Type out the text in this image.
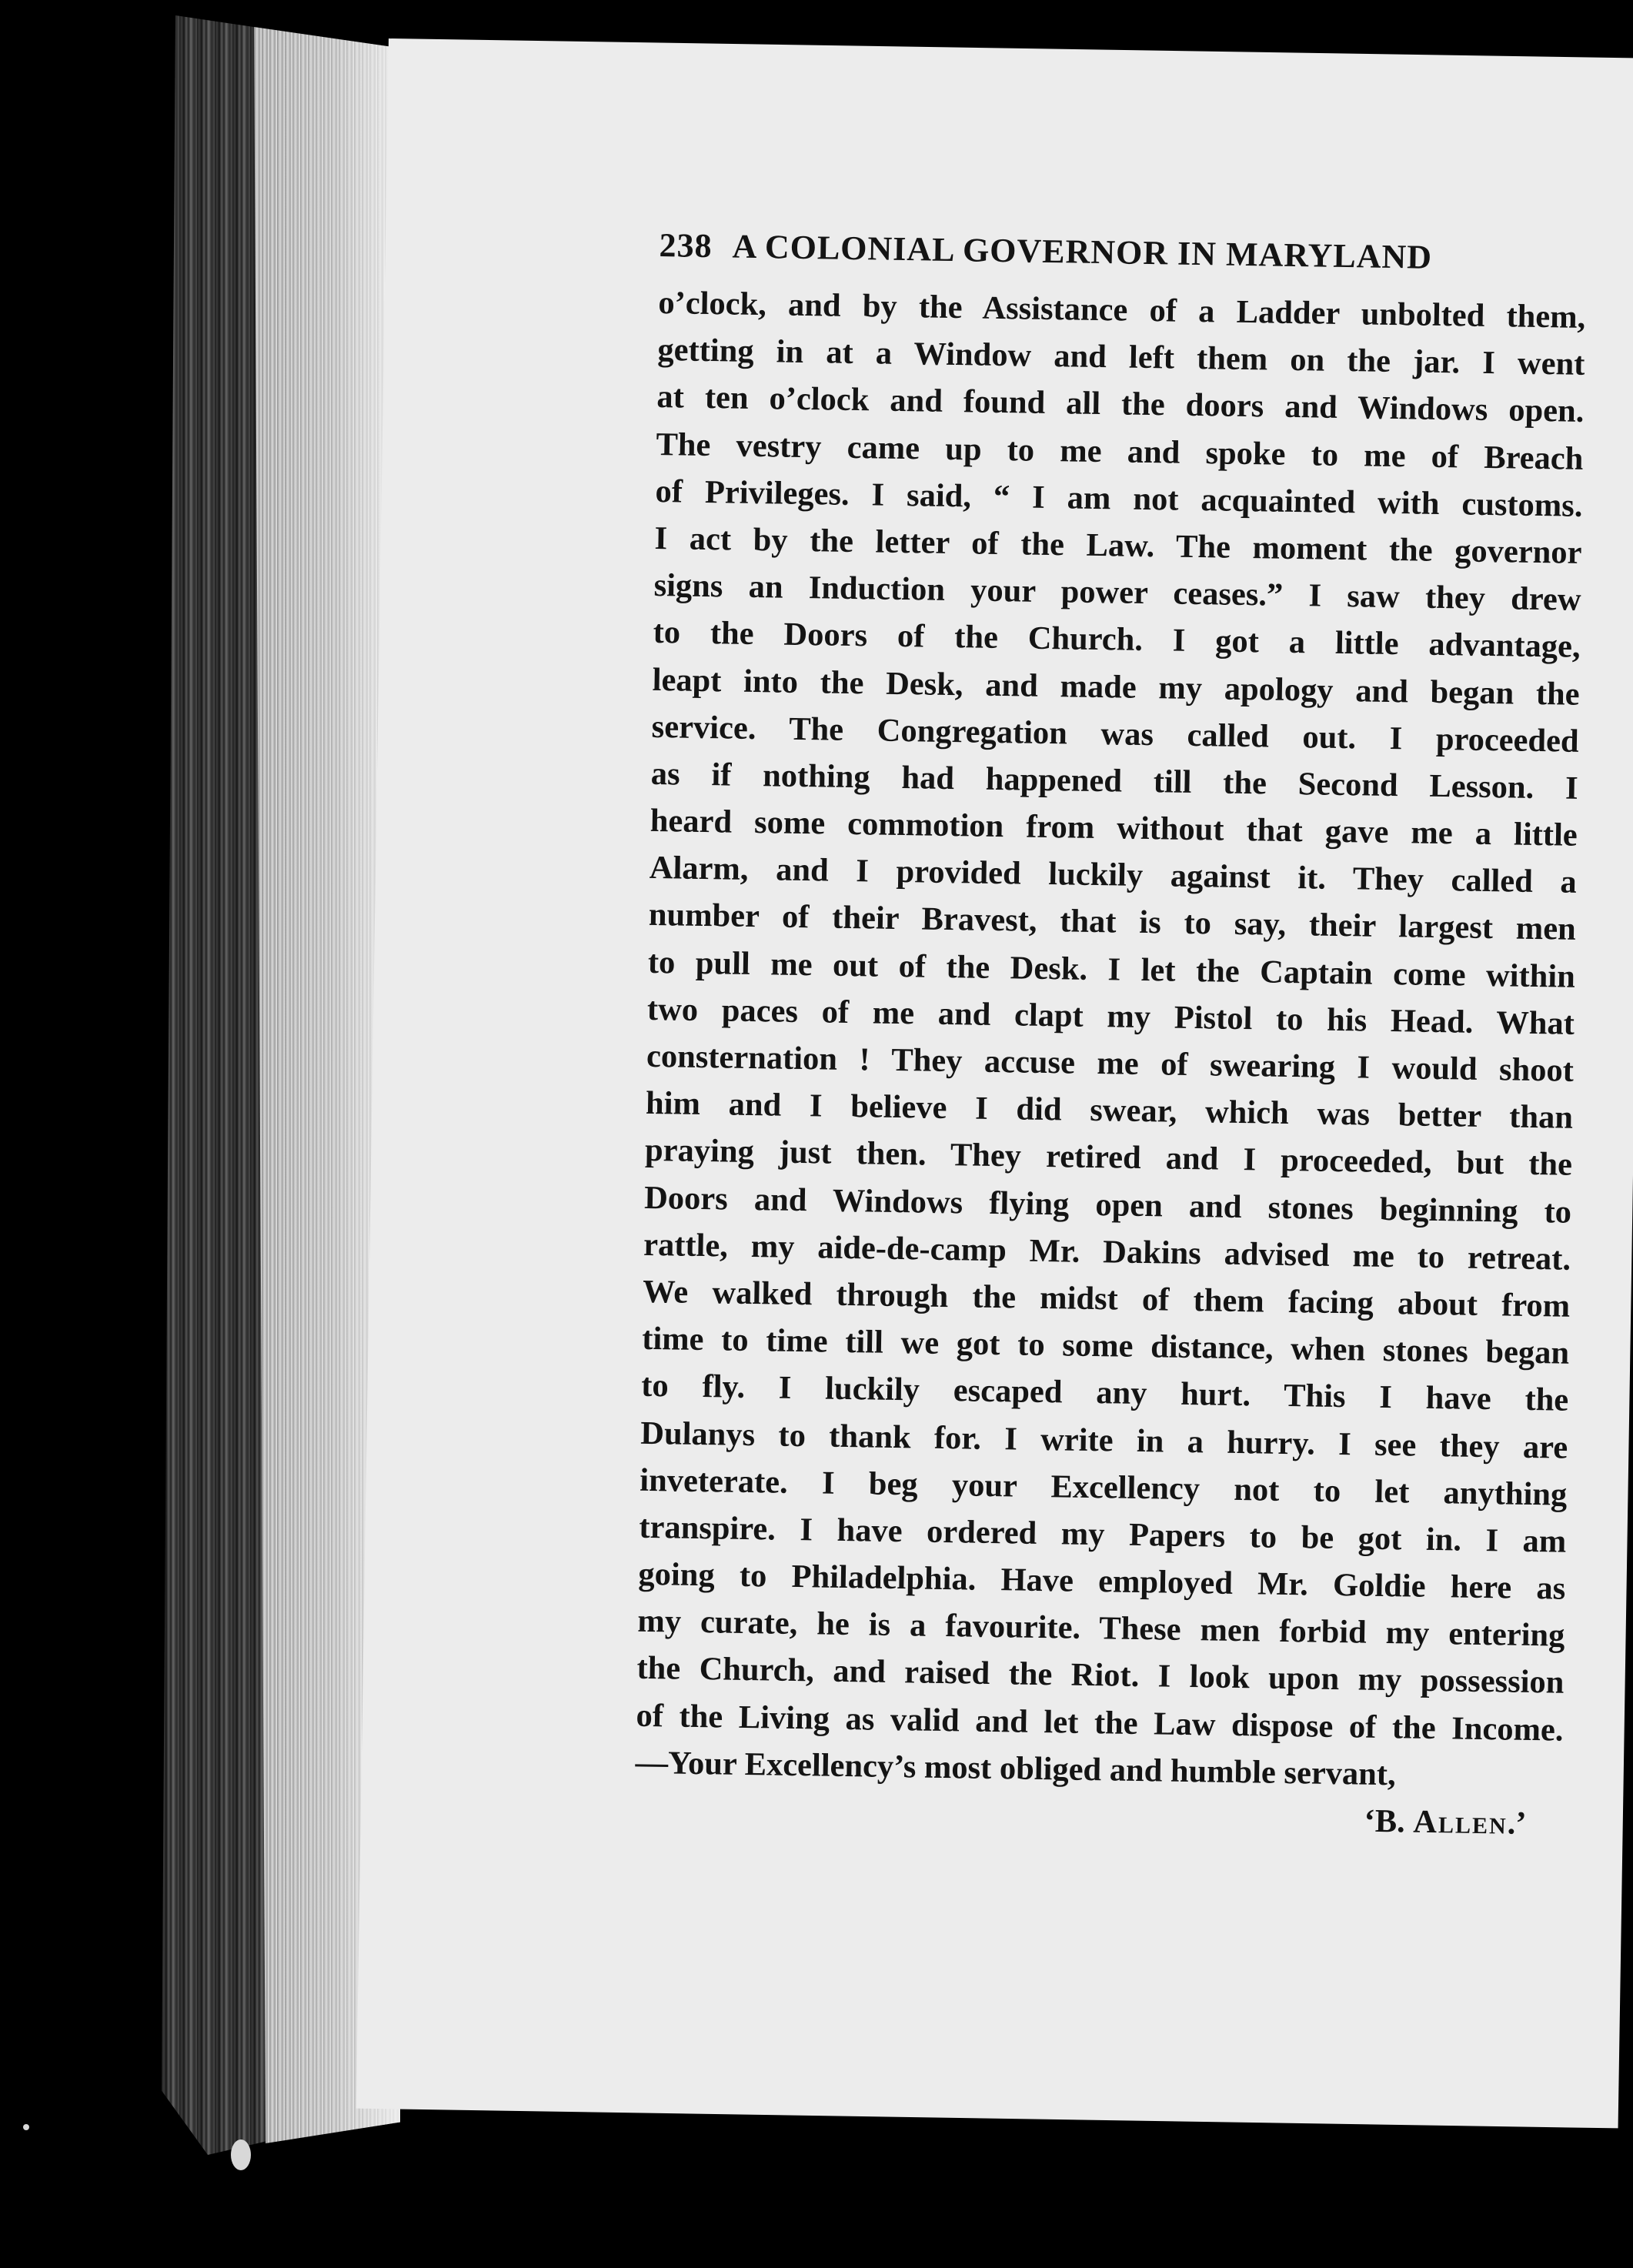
238 A COLONIAL GOVERNOR IN MARYLAND
o’clock, and by the Assistance of a Ladder unbolted them,
getting in at a Window and left them on the jar. I went
at ten o’clock and found all the doors and Windows open.
The vestry came up to me and spoke to me of Breach
of Privileges. I said, “ I am not acquainted with customs.
I act by the letter of the Law. The moment the governor
signs an Induction your power ceases.” I saw they drew
to the Doors of the Church. I got a little advantage,
leapt into the Desk, and made my apology and began the
service. The Congregation was called out. I proceeded
as if nothing had happened till the Second Lesson. I
heard some commotion from without that gave me a little
Alarm, and I provided luckily against it. They called a
number of their Bravest, that is to say, their largest men
to pull me out of the Desk. I let the Captain come within
two paces of me and clapt my Pistol to his Head. What
consternation ! They accuse me of swearing I would shoot
him and I believe I did swear, which was better than
praying just then. They retired and I proceeded, but the
Doors and Windows flying open and stones beginning to
rattle, my aide-de-camp Mr. Dakins advised me to retreat.
We walked through the midst of them facing about from
time to time till we got to some distance, when stones began
to fly. I luckily escaped any hurt. This I have the
Dulanys to thank for. I write in a hurry. I see they are
inveterate. I beg your Excellency not to let anything
transpire. I have ordered my Papers to be got in. I am
going to Philadelphia. Have employed Mr. Goldie here as
my curate, he is a favourite. These men forbid my entering
the Church, and raised the Riot. I look upon my possession
of the Living as valid and let the Law dispose of the Income.
—Your Excellency’s most obliged and humble servant,
‘B. Allen.’
